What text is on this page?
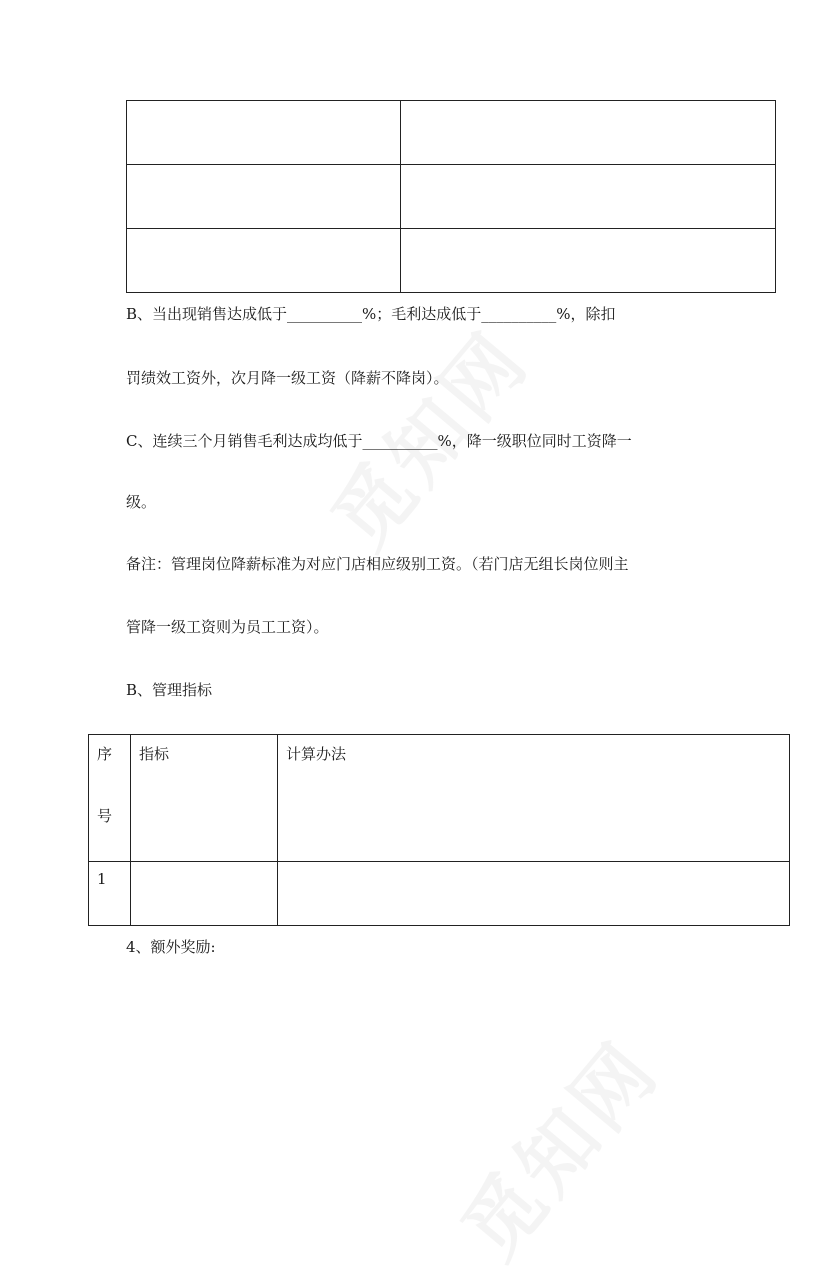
B、当出现销售达成低于__________%；毛利达成低于__________%，除扣
罚绩效工资外，次月降一级工资（降薪不降岗）。
C、连续三个月销售毛利达成均低于__________%，降一级职位同时工资降一
级。
备注：管理岗位降薪标准为对应门店相应级别工资。（若门店无组长岗位则主
管降一级工资则为员工工资）。
B、管理指标
序号	指标	计算办法

1		

4、额外奖励:
